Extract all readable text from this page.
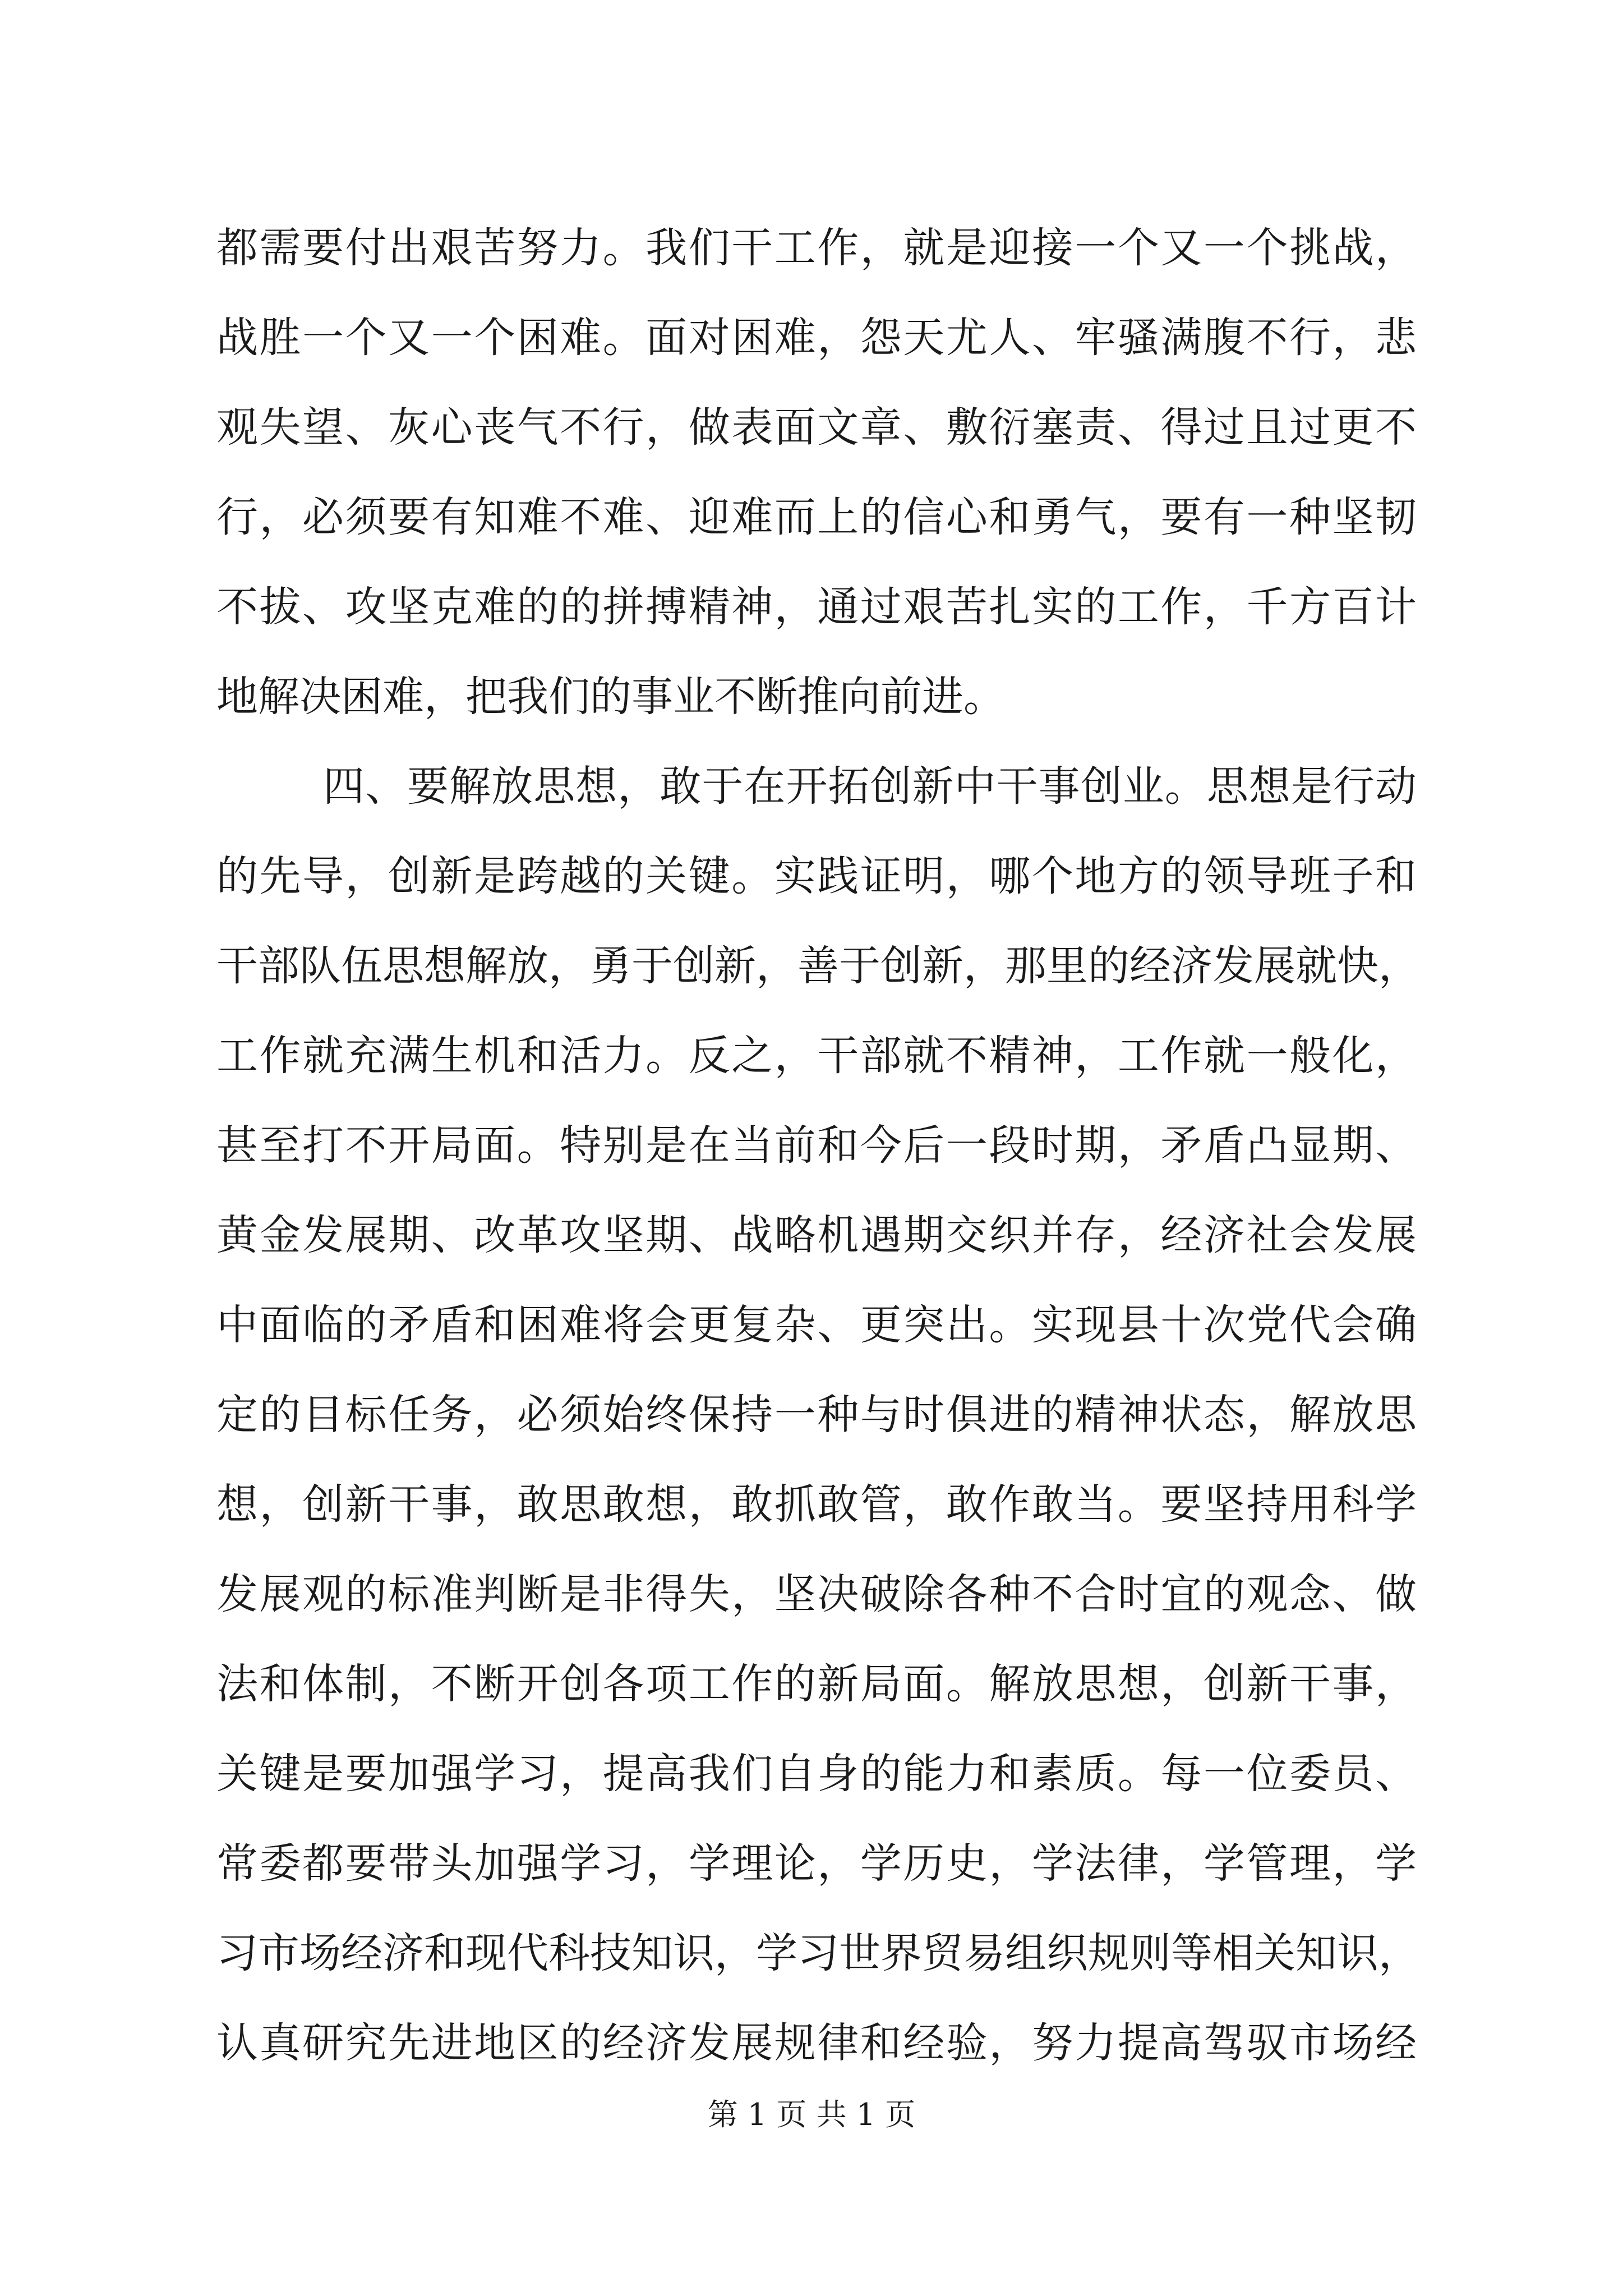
都需要付出艰苦努力。我们干工作，就是迎接一个又一个挑战，
战胜一个又一个困难。面对困难，怨天尤人、牢骚满腹不行，悲
观失望、灰心丧气不行，做表面文章、敷衍塞责、得过且过更不
行，必须要有知难不难、迎难而上的信心和勇气，要有一种坚韧
不拔、攻坚克难的的拼搏精神，通过艰苦扎实的工作，千方百计
地解决困难，把我们的事业不断推向前进。
四、要解放思想，敢于在开拓创新中干事创业。思想是行动
的先导，创新是跨越的关键。实践证明，哪个地方的领导班子和
干部队伍思想解放，勇于创新，善于创新，那里的经济发展就快，
工作就充满生机和活力。反之，干部就不精神，工作就一般化，
甚至打不开局面。特别是在当前和今后一段时期，矛盾凸显期、
黄金发展期、改革攻坚期、战略机遇期交织并存，经济社会发展
中面临的矛盾和困难将会更复杂、更突出。实现县十次党代会确
定的目标任务，必须始终保持一种与时俱进的精神状态，解放思
想，创新干事，敢思敢想，敢抓敢管，敢作敢当。要坚持用科学
发展观的标准判断是非得失，坚决破除各种不合时宜的观念、做
法和体制，不断开创各项工作的新局面。解放思想，创新干事，
关键是要加强学习，提高我们自身的能力和素质。每一位委员、
常委都要带头加强学习，学理论，学历史，学法律，学管理，学
习市场经济和现代科技知识，学习世界贸易组织规则等相关知识，
认真研究先进地区的经济发展规律和经验，努力提高驾驭市场经
第 1 页 共 1 页
